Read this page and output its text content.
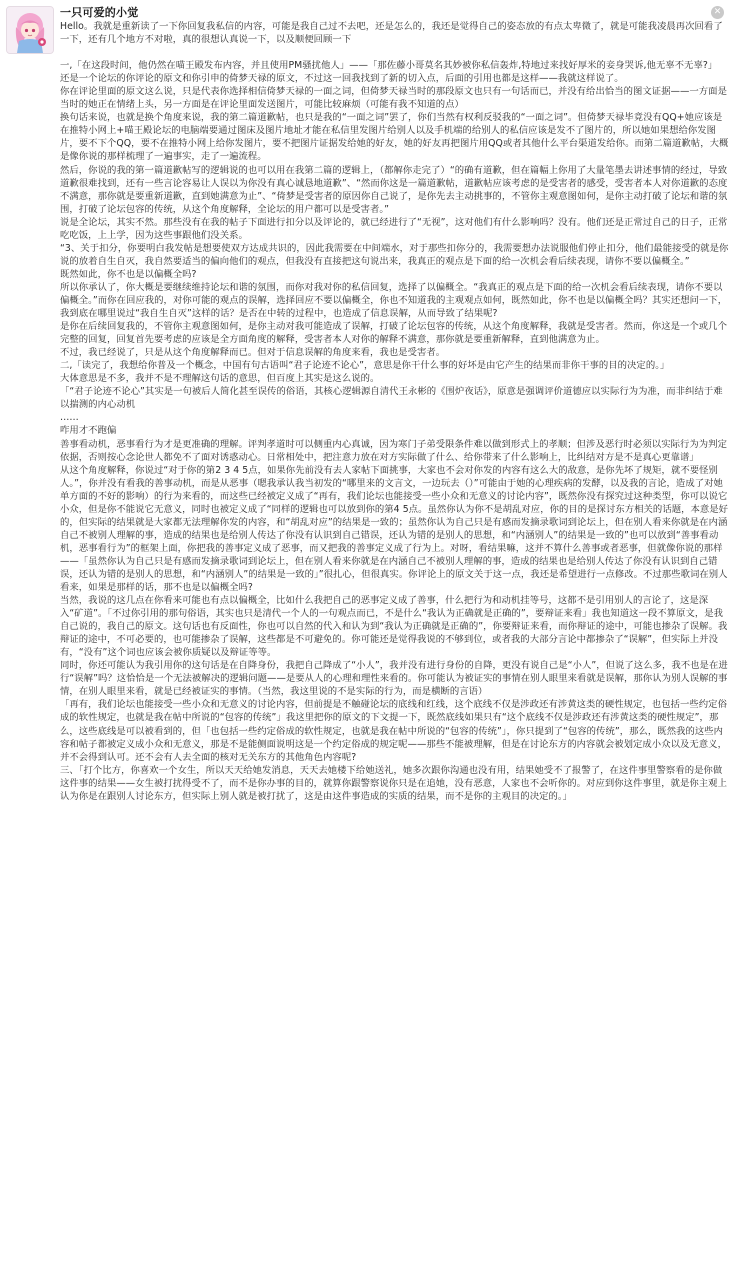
一只可爱的小觉	✕

Hello。我就是重新读了一下你回复我私信的内容，可能是我自己过不去吧，还是怎么的，我还是觉得自己的姿态放的有点太卑微了，就是可能我凌晨再次回看了一下，还有几个地方不对啦，真的很想认真说一下，以及顺便回顾一下

一,「在这段时间，他仍然在喵王殿发布内容，并且使用PM骚扰他人」——「那佐藤小哥莫名其妙被你私信轰炸,特地过来找好厚米的妾身哭诉,他无辜不无辜?」

还是一个论坛的你评论的原文和你引申的倚梦天禄的原文，不过这一回我找到了新的切入点，后面的引用也都是这样——我就这样说了。

你在评论里面的原文这么说，只是代表你选择相信倚梦天禄的一面之词，但倚梦天禄当时的那段原文也只有一句话而已，并没有给出恰当的图文证据——一方面是当时的她正在情绪上头，另一方面是在评论里面发送图片，可能比较麻烦（可能有我不知道的点）

换句话来说，也就是换个角度来说，我的第二篇道歉帖，也只是我的“一面之词”罢了，你们当然有权利反驳我的“一面之词”。但倚梦天禄毕竟没有QQ+她应该是在推特小网上+喵王殿论坛的电脑端要通过图床及图片地址才能在私信里发图片给别人以及手机端的给别人的私信应该是发不了图片的，所以她如果想给你发图片，要不下个QQ，要不在推特小网上给你发图片，要不把图片证据发给她的好友，她的好友再把图片用QQ或者其他什么平台渠道发给你。而第二篇道歉帖，大概是像你说的那样梳理了一遍事实，走了一遍流程。

然后，你说的我的第一篇道歉帖写的逻辑说的也可以用在我第二篇的逻辑上，（都解你走完了）“的确有道歉，但在篇幅上你用了大量笔墨去讲述事情的经过，导致道歉很难找到，还有一些言论容易让人误以为你没有真心诚恳地道歉”、“然而你这是一篇道歉帖，道歉帖应该考虑的是受害者的感受，受害者本人对你道歉的态度不满意，那你就是要重新道歉，直到她满意为止”、“倚梦是受害者的原因你自己说了，是你先去主动挑事的，不管你主观意图如何，是你主动打破了论坛和谐的氛围，打破了论坛包容的传统，从这个角度解释，全论坛的用户都可以是受害者。”

说是全论坛，其实不然。那些没有在我的帖子下面进行扣分以及评论的，就已经进行了“无视”，这对他们有什么影响吗？没有。他们还是正常过自己的日子，正常吃吃饭，上上学，因为这些事跟他们没关系。

“3、关于扣分，你要明白我发帖是想要使双方达成共识的，因此我需要在中间端水，对于那些扣你分的，我需要想办法说服他们停止扣分，他们最能接受的就是你说的放着自生自灭，我自然要适当的偏向他们的观点，但我没有直接把这句说出来，我真正的观点是下面的给一次机会看后续表现，请你不要以偏概全。”

既然如此，你不也是以偏概全吗?

所以你承认了，你大概是要继续维持论坛和谐的氛围，而你对我对你的私信回复，选择了以偏概全。“我真正的观点是下面的给一次机会看后续表现，请你不要以偏概全。”而你在回应我的，对你可能的观点的误解，选择回应不要以偏概全，你也不知道我的主观观点如何，既然如此，你不也是以偏概全吗？其实还想问一下，我到底在哪里说过“我自生自灭”这样的话？是否在中转的过程中，也造成了信息误解，从而导致了结果呢?

是你在后续回复我的，不管你主观意图如何，是你主动对我可能造成了误解，打破了论坛包容的传统，从这个角度解释，我就是受害者。然而，你这是一个或几个完整的回复，回复首先要考虑的应该是全方面角度的解释，受害者本人对你的解释不满意，那你就是要重新解释，直到他满意为止。

不过，我已经说了，只是从这个角度解释而已。但对于信息误解的角度来看，我也是受害者。

二,「读完了，我想给你普及一个概念，中国有句古语叫“君子论迹不论心”，意思是你干什么事的好坏是由它产生的结果而非你干事的目的决定的。」

大体意思是不多，我并不是不理解这句话的意思，但百度上其实是这么说的。

「“君子论迹不论心”其实是一句被后人简化甚至误传的俗语，其核心逻辑源自清代王永彬的《围炉夜话》，原意是强调评价道德应以实际行为为准，而非纠结于难以揣测的内心动机

……

咋用才不跑偏

善事看动机，恶事看行为才是更准确的理解。评判孝道时可以侧重内心真诚，因为寒门子弟受限条件难以做到形式上的孝顺；但涉及恶行时必须以实际行为为判定依据，否则按心念论世人都免不了面对诱惑动心。日常相处中，把注意力放在对方实际做了什么、给你带来了什么影响上，比纠结对方是不是真心更靠谱」

从这个角度解释，你说过“对于你的第2 3 4 5点，如果你先前没有去人家帖下面挑事，大家也不会对你发的内容有这么大的敌意，是你先坏了规矩，就不要怪别人。”，你并没有看我的善事动机，而是从恶事（嗯我承认我当初发的“哪里来的文言文，一边玩去（）”可能由于她的心理疾病的发酵，以及我的言论，造成了对她单方面的不好的影响）的行为来看的，而这些已经被定义成了“再有，我们论坛也能接受一些小众和无意义的讨论内容”，既然你没有探究过这种类型，你可以说它小众，但是你不能说它无意义，同时也被定义成了“同样的逻辑也可以放到你的第4 5点。虽然你认为你不是胡乱对应，你的目的是探讨东方相关的话题，本意是好的，但实际的结果就是大家都无法理解你发的内容，和“胡乱对应”的结果是一致的；虽然你认为自己只是有感而发摘录歌词到论坛上，但在别人看来你就是在内涵自己不被别人理解的事，造成的结果也是给别人传达了你没有认识到自己错误，还认为错的是别人的思想，和“内涵别人”的结果是一致的”也可以放到“善事看动机，恶事看行为”的框架上面，你把我的善事定义成了恶事，而又把我的善事定义成了行为上。对呀，看结果嘛，这并不算什么善事或者恶事，但就像你说的那样——「虽然你认为自己只是有感而发摘录歌词到论坛上，但在别人看来你就是在内涵自己不被别人理解的事，造成的结果也是给别人传达了你没有认识到自己错误，还认为错的是别人的思想，和“内涵别人”的结果是一致的」”很扎心，但很真实。你评论上的原文关于这一点，我还是希望进行一点修改。不过那些歌词在别人看来，如果是那样的话，那不也是以偏概全吗?

当然，我说的这几点在你看来可能也有点以偏概全，比如什么我把自己的恶事定义成了善事，什么把行为和动机挂等号，这都不是引用别人的言论了，这是深入“矿道”。「不过你引用的那句俗语，其实也只是清代一个人的一句观点而已，不是什么“我认为正确就是正确的”，要辩证来看」我也知道这一段不算原文，是我自己说的，我自己的原文。这句话也有反面性，你也可以自然的代入和认为到“我认为正确就是正确的”，你要辩证来看，而你辩证的途中，可能也掺杂了误解。我辩证的途中，不可必要的，也可能掺杂了误解，这些都是不可避免的。你可能还是觉得我说的不够到位，或者我的大部分言论中都掺杂了“误解”，但实际上并没有，“没有”这个词也应该会被你质疑以及辩证等等。

同时，你还可能认为我引用你的这句话是在自降身份，我把自己降成了“小人”，我并没有进行身份的自降，更没有说自己是“小人”，但说了这么多，我不也是在进行“误解”吗？这恰恰是一个无法被解决的逻辑问题——是要从人的心理和理性来看的。你可能认为被证实的事情在别人眼里来看就是误解，那你认为别人误解的事情，在别人眼里来看，就是已经被证实的事情。（当然，我这里说的不是实际的行为，而是横断的言语）

「再有，我们论坛也能接受一些小众和无意义的讨论内容，但前提是不触碰论坛的底线和红线，这个底线不仅是涉政还有涉黄这类的硬性规定，也包括一些约定俗成的软性规定，也就是我在帖中所说的“包容的传统”」我这里把你的原文的下文提一下，既然底线如果只有“这个底线不仅是涉政还有涉黄这类的硬性规定”，那么，这些底线是可以被看到的，但「也包括一些约定俗成的软性规定，也就是我在帖中所说的“包容的传统”」，你只提到了“包容的传统”，那么，既然我的这些内容和帖子都被定义成小众和无意义，那是不是能侧面说明这是一个约定俗成的规定呢——那些不能被理解，但是在讨论东方的内容就会被划定成小众以及无意义，并不会得到认可。还不会有人去全面的核对无关东方的其他角色内容呢?

三、「打个比方，你喜欢一个女生，所以天天给她发消息，天天去她楼下给她送礼，她多次跟你沟通也没有用，结果她受不了报警了，在这件事里警察看的是你做这件事的结果——女生被打扰得受不了，而不是你办事的目的，就算你跟警察说你只是在追她，没有恶意，人家也不会听你的。对应到你这件事里，就是你主观上认为你是在跟别人讨论东方，但实际上别人就是被打扰了，这是由这件事造成的实质的结果，而不是你的主观目的决定的。」
